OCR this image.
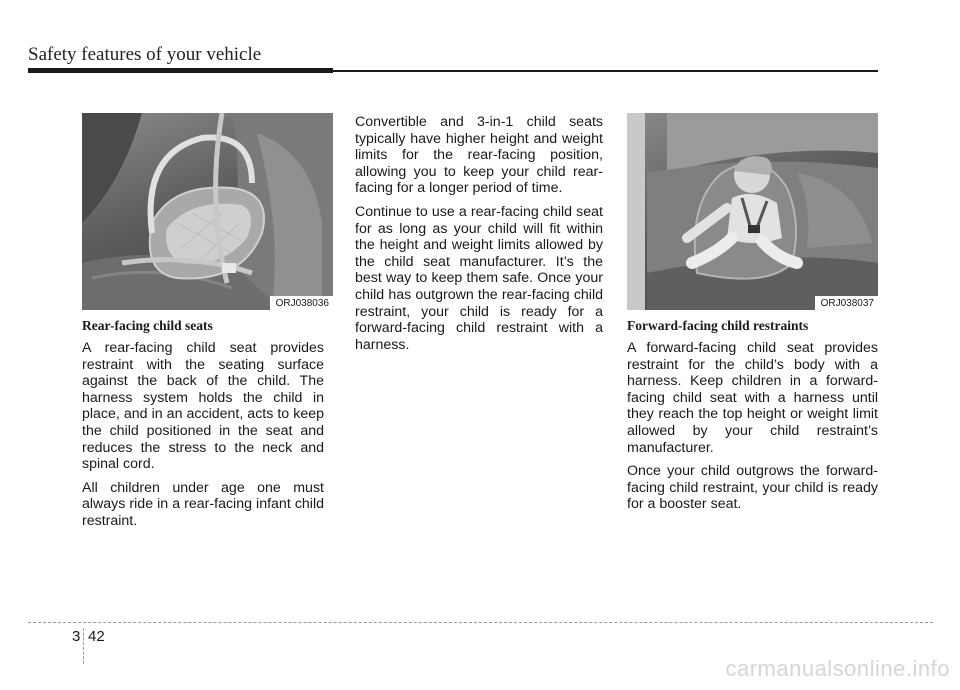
Safety features of your vehicle
ORJ038036
Rear-facing child seats

A rear-facing child seat provides restraint with the seating surface against the back of the child. The harness system holds the child in place, and in an accident, acts to keep the child positioned in the seat and reduces the stress to the neck and spinal cord.

All children under age one must always ride in a rear-facing infant child restraint.

Convertible and 3-in-1 child seats typically have higher height and weight limits for the rear-facing position, allowing you to keep your child rear-facing for a longer period of time.

Continue to use a rear-facing child seat for as long as your child will fit within the height and weight limits allowed by the child seat manufacturer. It’s the best way to keep them safe. Once your child has outgrown the rear-facing child restraint, your child is ready for a forward-facing child restraint with a harness.

ORJ038037
Forward-facing child restraints

A forward-facing child seat provides restraint for the child’s body with a harness. Keep children in a forward-facing child seat with a harness until they reach the top height or weight limit allowed by your child restraint’s manufacturer.

Once your child outgrows the forward-facing child restraint, your child is ready for a booster seat.

3 42
carmanualsonline.info
